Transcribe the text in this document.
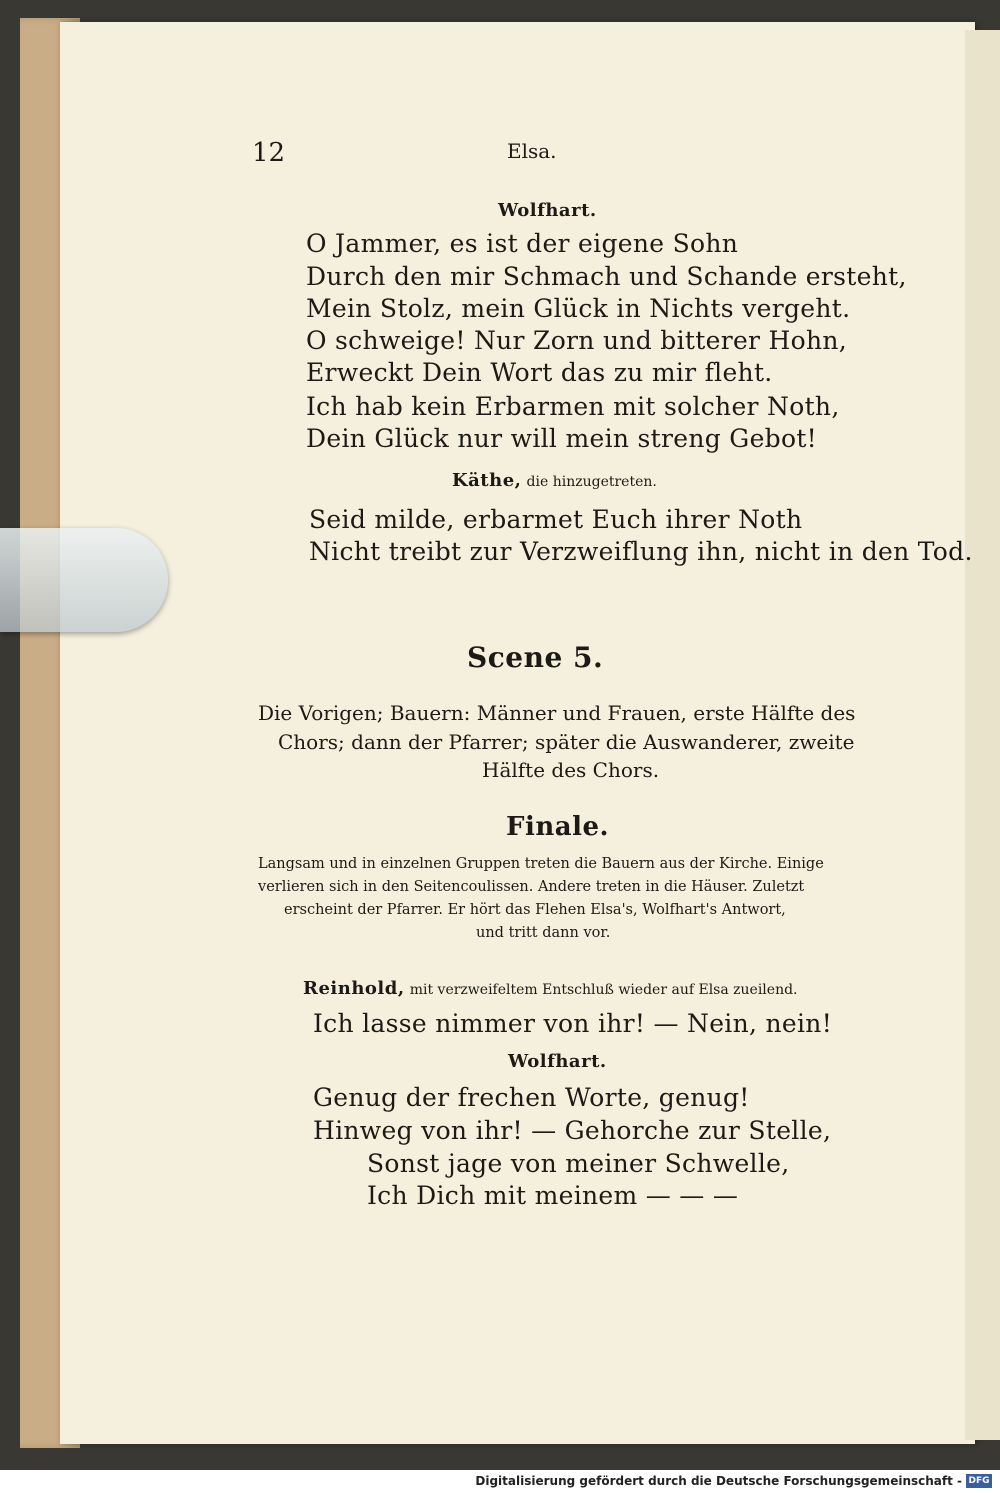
12	Elsa.
Wolfhart.
O Jammer, es ist der eigene Sohn
Durch den mir Schmach und Schande ersteht,
Mein Stolz, mein Glück in Nichts vergeht.
O schweige! Nur Zorn und bitterer Hohn,
Erweckt Dein Wort das zu mir fleht.
Ich hab kein Erbarmen mit solcher Noth,
Dein Glück nur will mein streng Gebot!
Käthe, die hinzugetreten.
Seid milde, erbarmet Euch ihrer Noth
Nicht treibt zur Verzweiflung ihn, nicht in den Tod.
Scene 5.
Die Vorigen; Bauern: Männer und Frauen, erste Hälfte des
Chors; dann der Pfarrer; später die Auswanderer, zweite
Hälfte des Chors.
Finale.
Langsam und in einzelnen Gruppen treten die Bauern aus der Kirche. Einige
verlieren sich in den Seitencoulissen. Andere treten in die Häuser. Zuletzt
erscheint der Pfarrer. Er hört das Flehen Elsa's, Wolfhart's Antwort,
und tritt dann vor.
Reinhold, mit verzweifeltem Entschluß wieder auf Elsa zueilend.
Ich lasse nimmer von ihr! — Nein, nein!
Wolfhart.
Genug der frechen Worte, genug!
Hinweg von ihr! — Gehorche zur Stelle,
Sonst jage von meiner Schwelle,
Ich Dich mit meinem — — —
Digitalisierung gefördert durch die Deutsche Forschungsgemeinschaft - DFG
